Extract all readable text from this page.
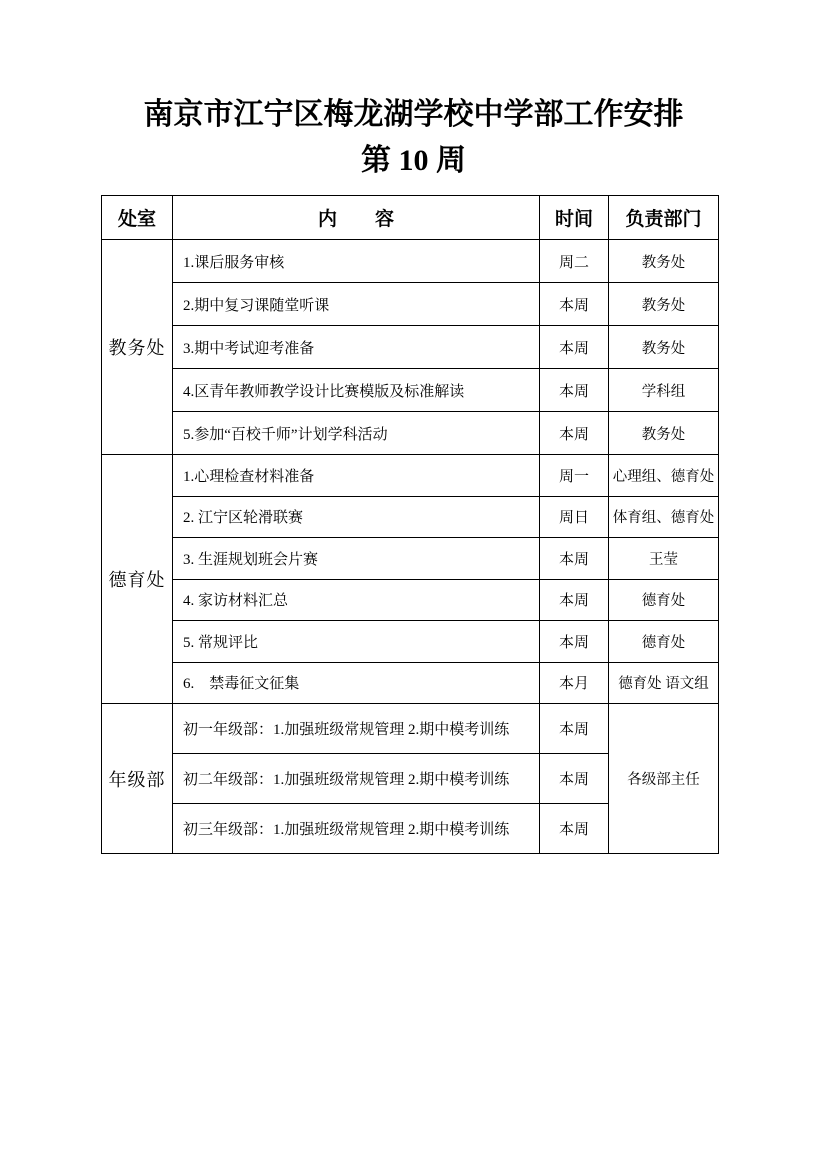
南京市江宁区梅龙湖学校中学部工作安排
第 10 周
处室	内　　容	时间	负责部门
教务处	1.课后服务审核	周二	教务处
	2.期中复习课随堂听课	本周	教务处
	3.期中考试迎考准备	本周	教务处
	4.区青年教师教学设计比赛模版及标准解读	本周	学科组
	5.参加“百校千师”计划学科活动	本周	教务处
德育处	1.心理检查材料准备	周一	心理组、德育处
	2. 江宁区轮滑联赛	周日	体育组、德育处
	3. 生涯规划班会片赛	本周	王莹
	4. 家访材料汇总	本周	德育处
	5. 常规评比	本周	德育处
	6.　禁毒征文征集	本月	德育处 语文组
年级部	初一年级部：1.加强班级常规管理 2.期中模考训练	本周	各级部主任
	初二年级部：1.加强班级常规管理 2.期中模考训练	本周	
	初三年级部：1.加强班级常规管理 2.期中模考训练	本周	
